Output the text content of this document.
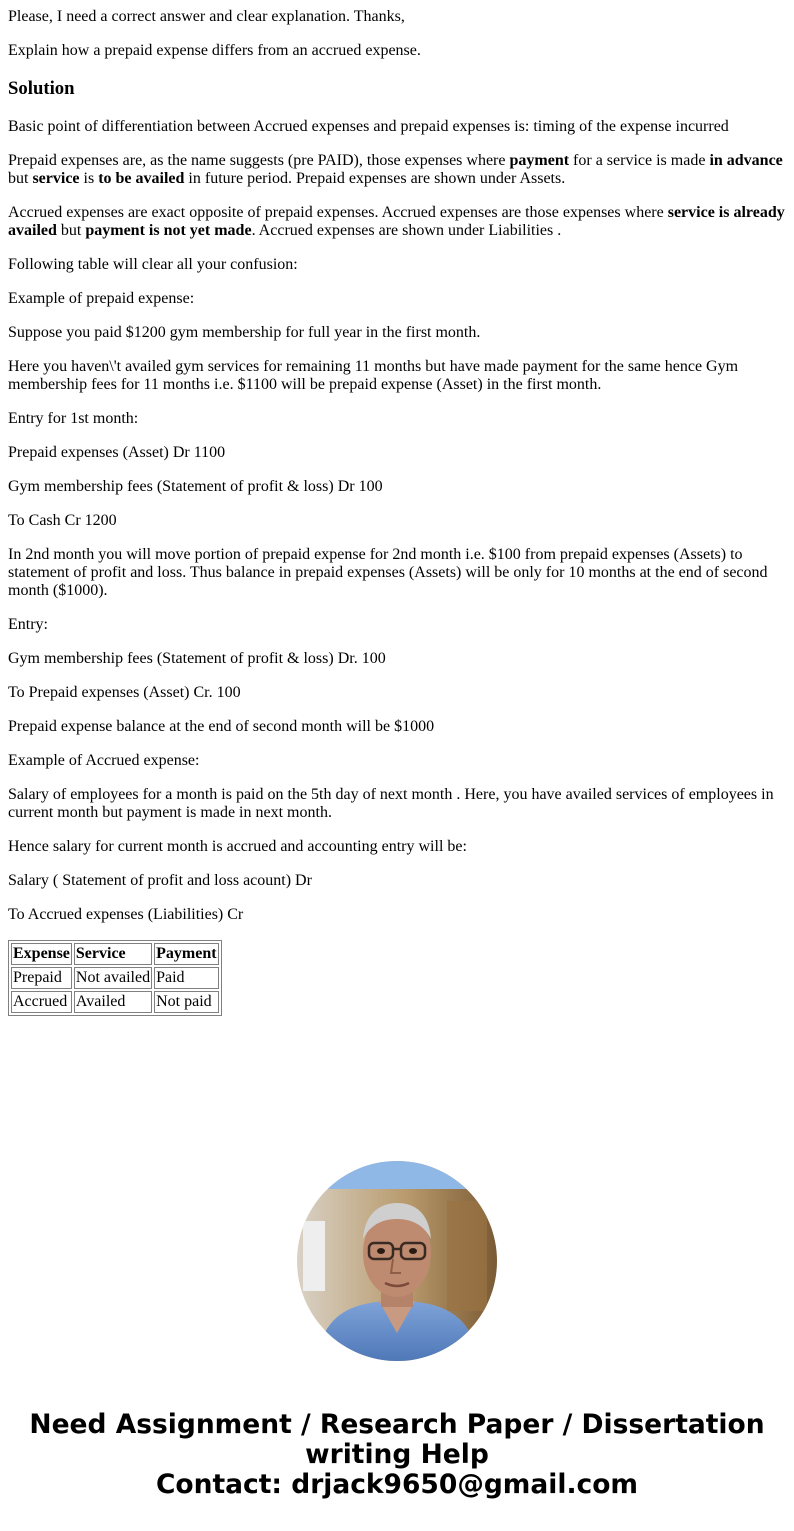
Please, I need a correct answer and clear explanation. Thanks,

Explain how a prepaid expense differs from an accrued expense.

Solution

Basic point of differentiation between Accrued expenses and prepaid expenses is: timing of the expense incurred

Prepaid expenses are, as the name suggests (pre PAID), those expenses where payment for a service is made in advance but service is to be availed in future period. Prepaid expenses are shown under Assets.

Accrued expenses are exact opposite of prepaid expenses. Accrued expenses are those expenses where service is already availed but payment is not yet made. Accrued expenses are shown under Liabilities .

Following table will clear all your confusion:

Example of prepaid expense:

Suppose you paid $1200 gym membership for full year in the first month.

Here you haven\'t availed gym services for remaining 11 months but have made payment for the same hence Gym membership fees for 11 months i.e. $1100 will be prepaid expense (Asset) in the first month.

Entry for 1st month:

Prepaid expenses (Asset) Dr 1100

Gym membership fees (Statement of profit & loss) Dr 100

To Cash Cr 1200

In 2nd month you will move portion of prepaid expense for 2nd month i.e. $100 from prepaid expenses (Assets) to statement of profit and loss. Thus balance in prepaid expenses (Assets) will be only for 10 months at the end of second month ($1000).

Entry:

Gym membership fees (Statement of profit & loss) Dr. 100

To Prepaid expenses (Asset) Cr. 100

Prepaid expense balance at the end of second month will be $1000

Example of Accrued expense:

Salary of employees for a month is paid on the 5th day of next month . Here, you have availed services of employees in current month but payment is made in next month.

Hence salary for current month is accrued and accounting entry will be:

Salary ( Statement of profit and loss acount) Dr

To Accrued expenses (Liabilities) Cr

Expense	Service	Payment
Prepaid	Not availed	Paid
Accrued	Availed	Not paid
Need Assignment / Research Paper / Dissertation
writing Help
Contact: drjack9650@gmail.com
